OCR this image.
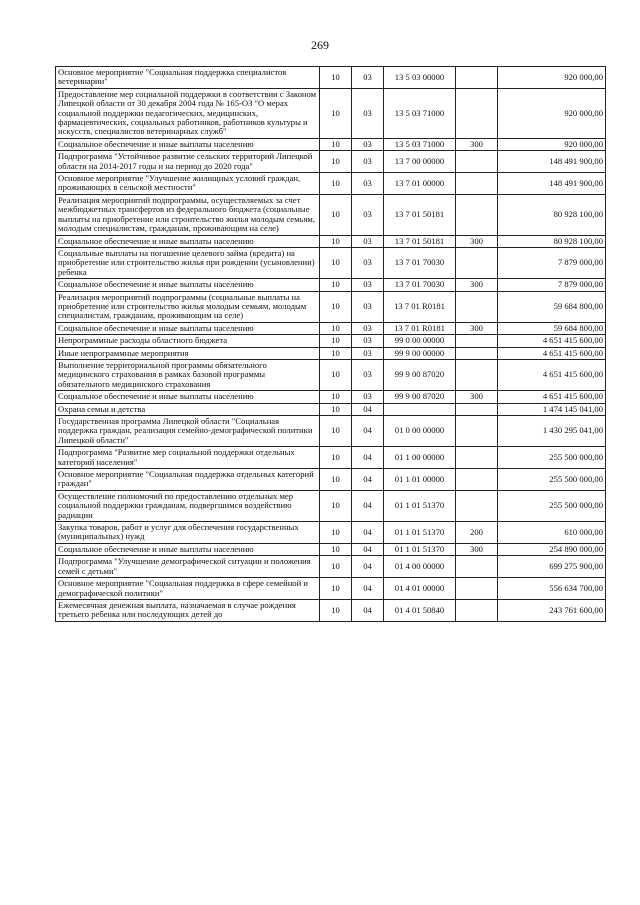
269
Основное мероприятие "Социальная поддержка специалистов ветеринарии"	10	03	13 5 03 00000		920 000,00
Предоставление мер социальной поддержки в соответствии с Законом Липецкой области от 30 декабря 2004 года № 165-ОЗ "О мерах социальной поддержки педагогических, медицинских, фармацевтических, социальных работников, работников культуры и искусств, специалистов ветеринарных служб"	10	03	13 5 03 71000		920 000,00
Социальное обеспечение и иные выплаты населению	10	03	13 5 03 71000	300	920 000,00
Подпрограмма "Устойчивое развитие сельских территорий Липецкой области на 2014-2017 годы и на период до 2020 года"	10	03	13 7 00 00000		148 491 900,00
Основное мероприятие "Улучшение жилищных условий граждан, проживающих в сельской местности"	10	03	13 7 01 00000		148 491 900,00
Реализация мероприятий подпрограммы, осуществляемых за счет межбюджетных трансфертов из федерального бюджета (социальные выплаты на приобретение или строительство жилья молодым семьям, молодым специалистам, гражданам, проживающим на селе)	10	03	13 7 01 50181		80 928 100,00
Социальное обеспечение и иные выплаты населению	10	03	13 7 01 50181	300	80 928 100,00
Социальные выплаты на погашение целевого займа (кредита) на приобретение или строительство жилья при рождении (усыновлении) ребенка	10	03	13 7 01 70030		7 879 000,00
Социальное обеспечение и иные выплаты населению	10	03	13 7 01 70030	300	7 879 000,00
Реализация мероприятий подпрограммы (социальные выплаты на приобретение или строительство жилья молодым семьям, молодым специалистам, гражданам, проживающим на селе)	10	03	13 7 01 R0181		59 684 800,00
Социальное обеспечение и иные выплаты населению	10	03	13 7 01 R0181	300	59 684 800,00
Непрограммные расходы областного бюджета	10	03	99 0 00 00000		4 651 415 600,00
Иные непрограммные мероприятия	10	03	99 9 00 00000		4 651 415 600,00
Выполнение территориальной программы обязательного медицинского страхования в рамках базовой программы обязательного медицинского страхования	10	03	99 9 00 87020		4 651 415 600,00
Социальное обеспечение и иные выплаты населению	10	03	99 9 00 87020	300	4 651 415 600,00
Охрана семьи и детства	10	04			1 474 145 041,00
Государственная программа Липецкой области "Социальная поддержка граждан, реализация семейно-демографической политики Липецкой области"	10	04	01 0 00 00000		1 430 295 041,00
Подпрограмма "Развитие мер социальной поддержки отдельных категорий населения"	10	04	01 1 00 00000		255 500 000,00
Основное мероприятие "Социальная поддержка отдельных категорий граждан"	10	04	01 1 01 00000		255 500 000,00
Осуществление полномочий по предоставлению отдельных мер социальной поддержки гражданам, подвергшимся воздействию радиации	10	04	01 1 01 51370		255 500 000,00
Закупка товаров, работ и услуг для обеспечения государственных (муниципальных) нужд	10	04	01 1 01 51370	200	610 000,00
Социальное обеспечение и иные выплаты населению	10	04	01 1 01 51370	300	254 890 000,00
Подпрограмма "Улучшение демографической ситуации и положения семей с детьми"	10	04	01 4 00 00000		699 275 900,00
Основное мероприятие "Социальная поддержка в сфере семейной и демографической политики"	10	04	01 4 01 00000		556 634 700,00
Ежемесячная денежная выплата, назначаемая в случае рождения третьего ребенка или последующих детей до	10	04	01 4 01 50840		243 761 600,00
